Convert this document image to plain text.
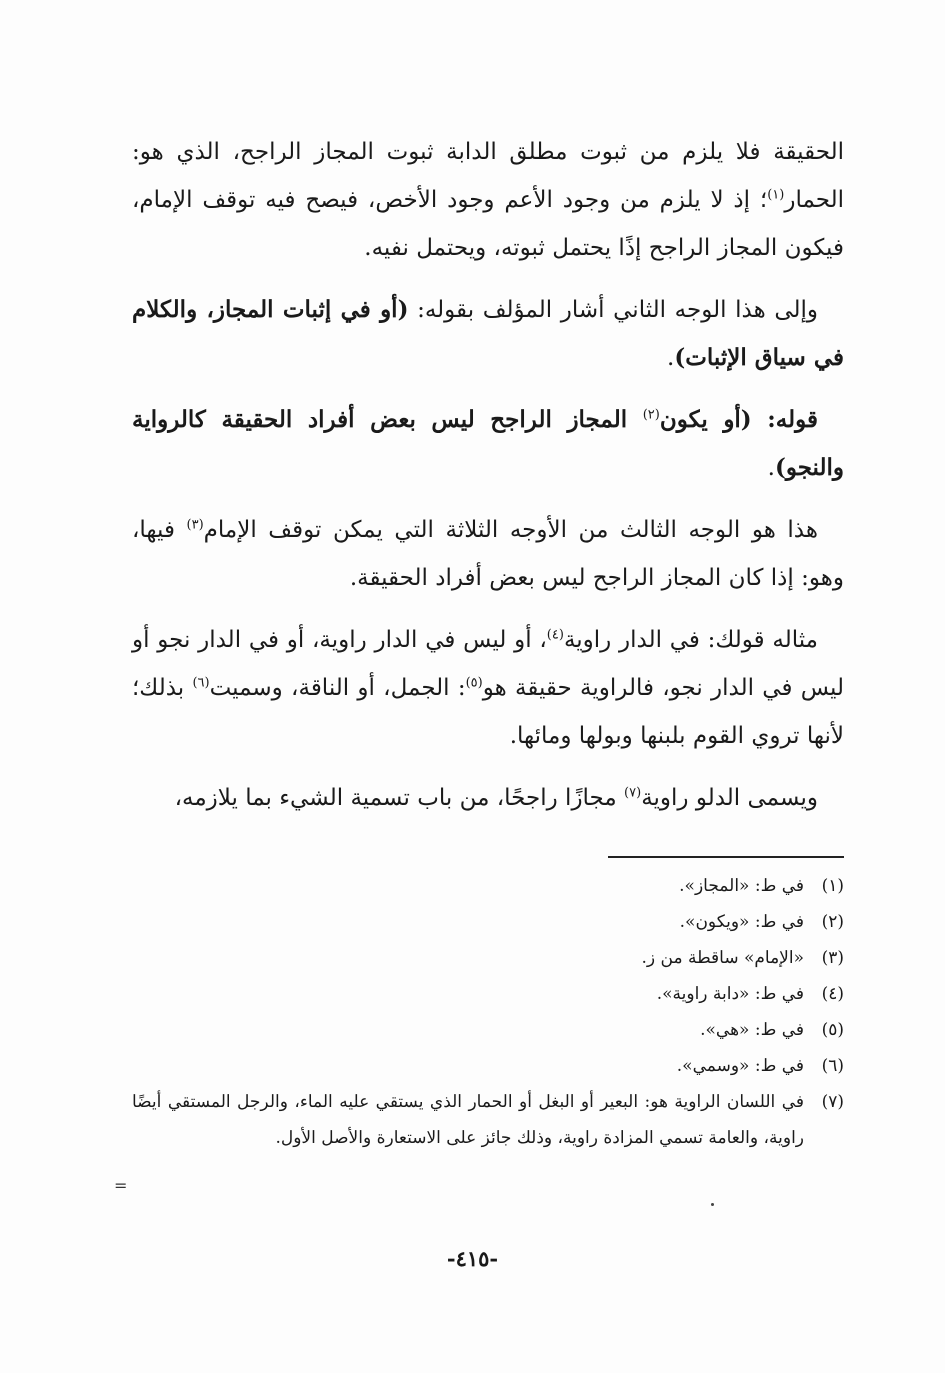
الحقيقة فلا يلزم من ثبوت مطلق الدابة ثبوت المجاز الراجح، الذي هو: الحمار$^{(١)}$؛ إذ لا يلزم من وجود الأعم وجود الأخص، فيصح فيه توقف الإمام، فيكون المجاز الراجح إذًا يحتمل ثبوته، ويحتمل نفيه.

وإلى هذا الوجه الثاني أشار المؤلف بقوله: (أو في إثبات المجاز، والكلام في سياق الإثبات).

قوله: (أو يكون$^{(٢)}$ المجاز الراجح ليس بعض أفراد الحقيقة كالرواية والنجو).

هذا هو الوجه الثالث من الأوجه الثلاثة التي يمكن توقف الإمام$^{(٣)}$ فيها، وهو: إذا كان المجاز الراجح ليس بعض أفراد الحقيقة.

مثاله قولك: في الدار راوية$^{(٤)}$، أو ليس في الدار راوية، أو في الدار نجو أو ليس في الدار نجو، فالراوية حقيقة هو$^{(٥)}$: الجمل، أو الناقة، وسميت$^{(٦)}$ بذلك؛ لأنها تروي القوم بلبنها وبولها ومائها.

ويسمى الدلو راوية$^{(٧)}$ مجازًا راجحًا، من باب تسمية الشيء بما يلازمه،

(١)
في ط: «المجاز».
(٢)
في ط: «ويكون».
(٣)
«الإمام» ساقطة من ز.
(٤)
في ط: «دابة راوية».
(٥)
في ط: «هي».
(٦)
في ط: «وسمي».
(٧)
في اللسان الراوية هو: البعير أو البغل أو الحمار الذي يستقي عليه الماء، والرجل المستقي أيضًا راوية، والعامة تسمي المزادة راوية، وذلك جائز على الاستعارة والأصل الأول.
=
-٤١٥-
